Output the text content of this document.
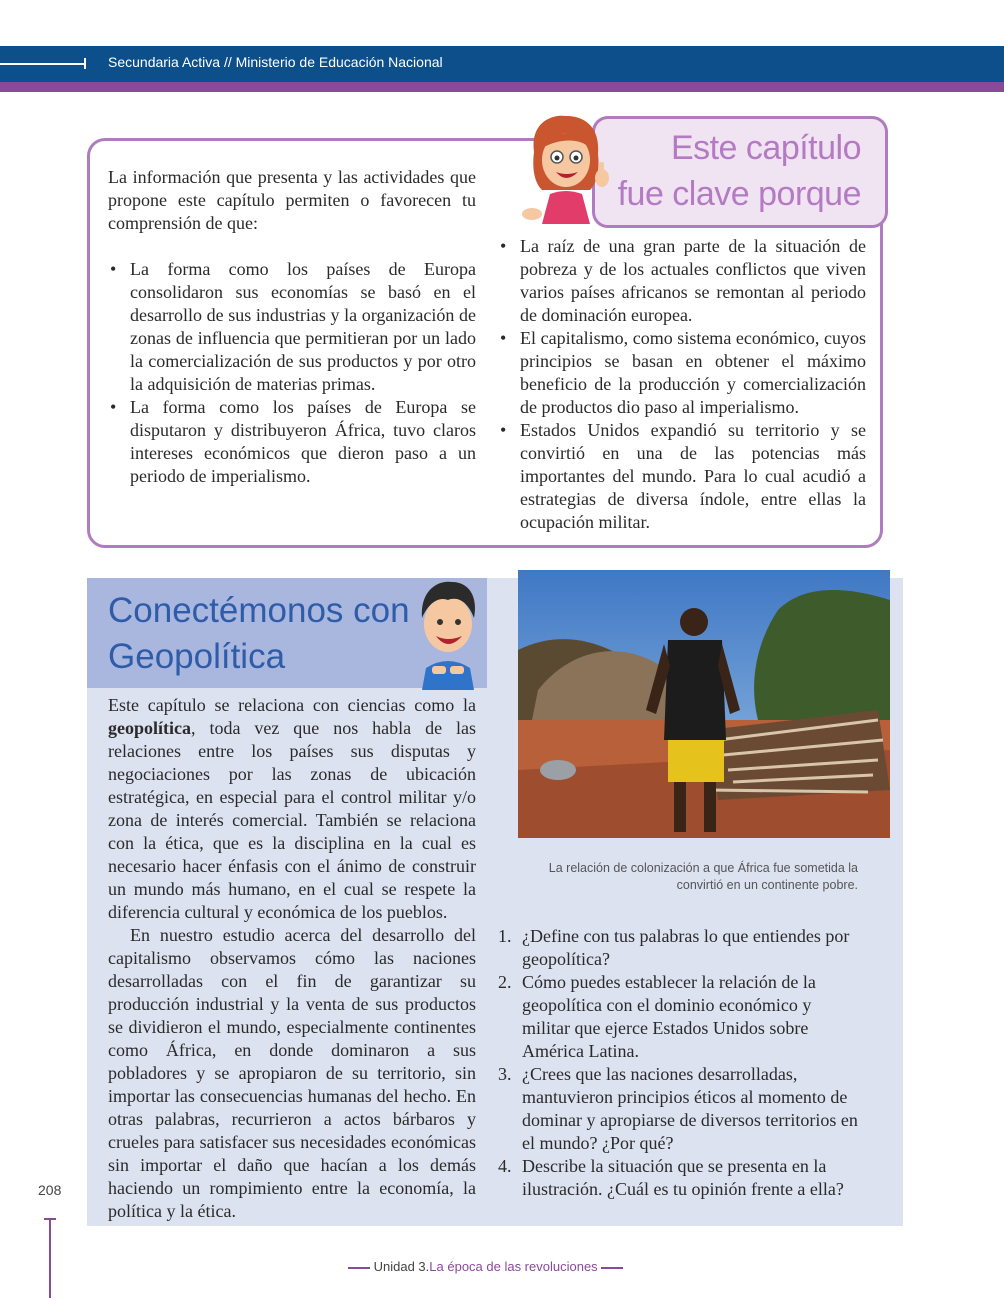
Secundaria Activa // Ministerio de Educación Nacional
Este capítulo
fue clave porque
La información que presenta y las actividades que propone este capítulo permiten o favorecen tu comprensión de que:
• La forma como los países de Europa consolidaron sus economías se basó en el desarrollo de sus industrias y la organización de zonas de influencia que permitieran por un lado la comercialización de sus productos y por otro la adquisición de materias primas.
• La forma como los países de Europa se disputaron y distribuyeron África, tuvo claros intereses económicos que dieron paso a un periodo de imperialismo.
• La raíz de una gran parte de la situación de pobreza y de los actuales conflictos que viven varios países africanos se remontan al periodo de dominación europea.
• El capitalismo, como sistema económico, cuyos principios se basan en obtener el máximo beneficio de la producción y comercialización de productos dio paso al imperialismo.
• Estados Unidos expandió su territorio y se convirtió en una de las potencias más importantes del mundo. Para lo cual acudió a estrategias de diversa índole, entre ellas la ocupación militar.
Conectémonos con
Geopolítica

Este capítulo se relaciona con ciencias como la geopolítica, toda vez que nos habla de las relaciones entre los países sus disputas y negociaciones por las zonas de ubicación estratégica, en especial para el control militar y/o zona de interés comercial. También se relaciona con la ética, que es la disciplina en la cual es necesario hacer énfasis con el ánimo de construir un mundo más humano, en el cual se respete la diferencia cultural y económica de los pueblos.

En nuestro estudio acerca del desarrollo del capitalismo observamos cómo las naciones desarrolladas con el fin de garantizar su producción industrial y la venta de sus productos se dividieron el mundo, especialmente continentes como África, en donde dominaron a sus pobladores y se apropiaron de su territorio, sin importar las consecuencias humanas del hecho. En otras palabras, recurrieron a actos bárbaros y crueles para satisfacer sus necesidades económicas sin importar el daño que hacían a los demás haciendo un rompimiento entre la economía, la política y la ética.

La relación de colonización a que África fue sometida la convirtió en un continente pobre.
1. ¿Define con tus palabras lo que entiendes por geopolítica?
2. Cómo puedes establecer la relación de la geopolítica con el dominio económico y militar que ejerce Estados Unidos sobre América Latina.
3. ¿Crees que las naciones desarrolladas, mantuvieron principios éticos al momento de dominar y apropiarse de diversos territorios en el mundo? ¿Por qué?
4. Describe la situación que se presenta en la ilustración. ¿Cuál es tu opinión frente a ella?
208
Unidad 3.La época de las revoluciones
